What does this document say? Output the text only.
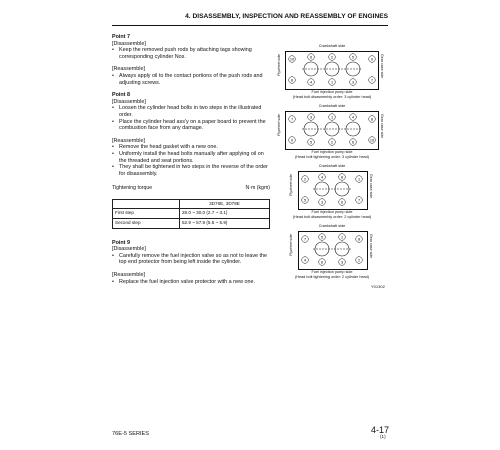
4. DISASSEMBLY, INSPECTION AND REASSEMBLY OF ENGINES
Point 7
[Disassemble]
• Keep the removed push rods by attaching tags showing corresponding cylinder Nos.
[Reassemble]
• Always apply oil to the contact portions of the push rods and adjusting screws.
Point 8
[Disassemble]
• Loosen the cylinder head bolts in two steps in the illustrated order.
• Place the cylinder head ass'y on a paper board to prevent the combustion face from any damage.
[Reassemble]
• Remove the head gasket with a new one.
• Uniformly install the head bolts manually after applying oil on the threaded and seat portions.
• They shall be tightened in two steps in the reverse of the order for disassembly.
Tightening torque	N·m (kgm)
	3D76E, 3D78E
First step	28.0 ~ 30.0 (2.7 ~ 3.1)
Second step	52.9 ~ 57.9 (5.5 ~ 5.9)
Point 9
[Disassemble]
• Carefully remove the fuel injection valve so as not to leave the top end protector from being left inside the cylinder.
[Reassemble]
• Replace the fuel injection valve protector with a new one.
Crankshaft side
Flywheel side	Gear case side
10	6	2	5	9
8	4	1	3	7
Fuel injection pump side
(Head bolt disassembly order: 3 cylinder head)
Crankshaft side
Flywheel side	Gear case side
7	3	1	4	8
9	5	2	6	10
Fuel injection pump side
(Head bolt tightening order: 3 cylinder head)
Crankshaft side
Flywheel side	Gear case side
2	4	8	1
5	3	6	7
Fuel injection pump side
(Head bolt disassembly order: 2 cylinder head)
Crankshaft side
Flywheel side	Gear case side
7	5	1	8
4	6	3	2
Fuel injection pump side
(Head bolt tightening order: 2 cylinder head)
Y01302
76E-5 SERIES	4-17
(1)
